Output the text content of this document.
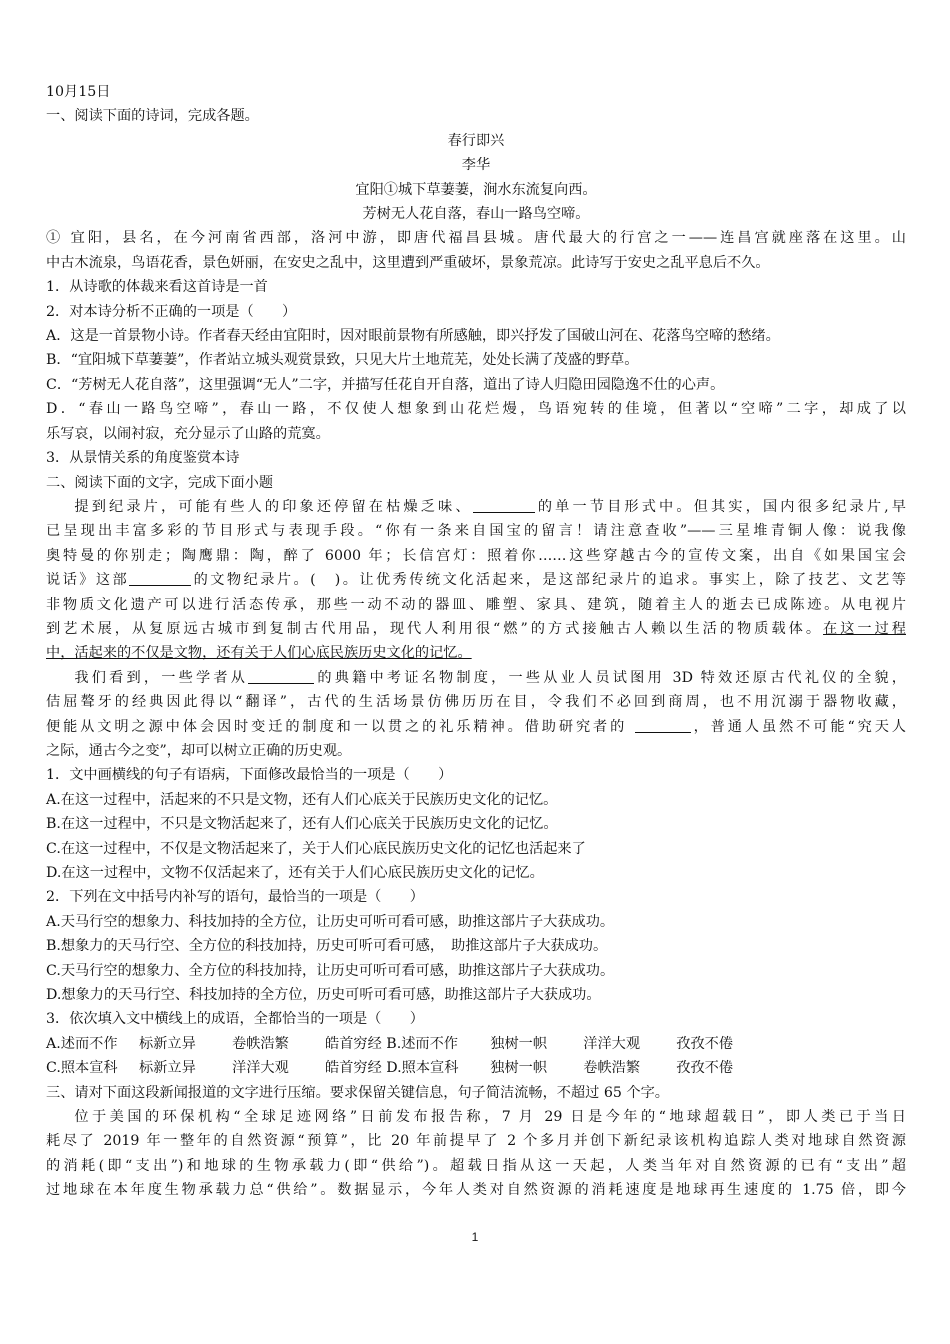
10月15日
一、阅读下面的诗词，完成各题。
春行即兴
李华
宜阳①城下草萋萋，涧水东流复向西。
芳树无人花自落，春山一路鸟空啼。
① 宜阳，县名，在今河南省西部，洛河中游，即唐代福昌县城。唐代最大的行宫之一——连昌宫就座落在这里。山
中古木流泉，鸟语花香，景色妍丽，在安史之乱中，这里遭到严重破坏，景象荒凉。此诗写于安史之乱平息后不久。
1．从诗歌的体裁来看这首诗是一首
2．对本诗分析不正确的一项是（　　）
A．这是一首景物小诗。作者春天经由宜阳时，因对眼前景物有所感触，即兴抒发了国破山河在、花落鸟空啼的愁绪。
B．“宜阳城下草萋萋”，作者站立城头观赏景致，只见大片土地荒芜，处处长满了茂盛的野草。
C．“芳树无人花自落”，这里强调“无人”二字，并描写任花自开自落，道出了诗人归隐田园隐逸不仕的心声。
D．“春山一路鸟空啼”，春山一路，不仅使人想象到山花烂熳，鸟语宛转的佳境，但著以“空啼”二字，却成了以
乐写哀，以闹衬寂，充分显示了山路的荒寞。
3．从景情关系的角度鉴赏本诗
二、阅读下面的文字，完成下面小题
提到纪录片，可能有些人的印象还停留在枯燥乏味、	的单一节目形式中。但其实，国内很多纪录片,早
已呈现出丰富多彩的节目形式与表现手段。“你有一条来自国宝的留言！请注意查收”——三星堆青铜人像：说我像
奥特曼的你别走；陶鹰鼎：陶，醉了 6000 年；长信宫灯：照着你……这些穿越古今的宣传文案，出自《如果国宝会
说话》这部	的文物纪录片。(　)。让优秀传统文化活起来，是这部纪录片的追求。事实上，除了技艺、文艺等
非物质文化遗产可以进行活态传承，那些一动不动的器皿、雕塑、家具、建筑，随着主人的逝去已成陈迹。从电视片
到艺术展，从复原远古城市到复制古代用品，现代人利用很“燃”的方式接触古人赖以生活的物质载体。在这一过程
中，活起来的不仅是文物，还有关于人们心底民族历史文化的记忆。
我们看到，一些学者从	的典籍中考证名物制度，一些从业人员试图用 3D 特效还原古代礼仪的全貌，
佶屈聱牙的经典因此得以“翻译”，古代的生活场景仿佛历历在目，令我们不必回到商周，也不用沉溺于器物收藏，
便能从文明之源中体会因时变迁的制度和一以贯之的礼乐精神。借助研究者的	，普通人虽然不可能“究天人
之际，通古今之变”，却可以树立正确的历史观。
1．文中画横线的句子有语病，下面修改最恰当的一项是（　　）
A.在这一过程中，活起来的不只是文物，还有人们心底关于民族历史文化的记忆。
B.在这一过程中，不只是文物活起来了，还有人们心底关于民族历史文化的记忆。
C.在这一过程中，不仅是文物活起来了，关于人们心底民族历史文化的记忆也活起来了
D.在这一过程中，文物不仅活起来了，还有关于人们心底民族历史文化的记忆。
2．下列在文中括号内补写的语句，最恰当的一项是（　　）
A.天马行空的想象力、科技加持的全方位，让历史可听可看可感，助推这部片子大获成功。
B.想象力的天马行空、全方位的科技加持，历史可听可看可感，　助推这部片子大获成功。
C.天马行空的想象力、全方位的科技加持，让历史可听可看可感，助推这部片子大获成功。
D.想象力的天马行空、科技加持的全方位，历史可听可看可感，助推这部片子大获成功。
3．依次填入文中横线上的成语，全都恰当的一项是（　　）
A.述而不作 标新立异	卷帙浩繁	皓首穷经 B.述而不作 独树一帜	洋洋大观	孜孜不倦
C.照本宣科 标新立异	洋洋大观	皓首穷经 D.照本宣科 独树一帜	卷帙浩繁	孜孜不倦
三、请对下面这段新闻报道的文字进行压缩。要求保留关键信息，句子简洁流畅，不超过 65 个字。
位于美国的环保机构“全球足迹网络”日前发布报告称，7 月 29 日是今年的“地球超载日”，即人类已于当日
耗尽了 2019 年一整年的自然资源“预算”，比 20 年前提早了 2 个多月并创下新纪录该机构追踪人类对地球自然资源
的消耗(即“支出”)和地球的生物承载力(即“供给”)。超载日指从这一天起，人类当年对自然资源的已有“支出”超
过地球在本年度生物承载力总“供给”。数据显示，今年人类对自然资源的消耗速度是地球再生速度的 1.75 倍，即今
1
